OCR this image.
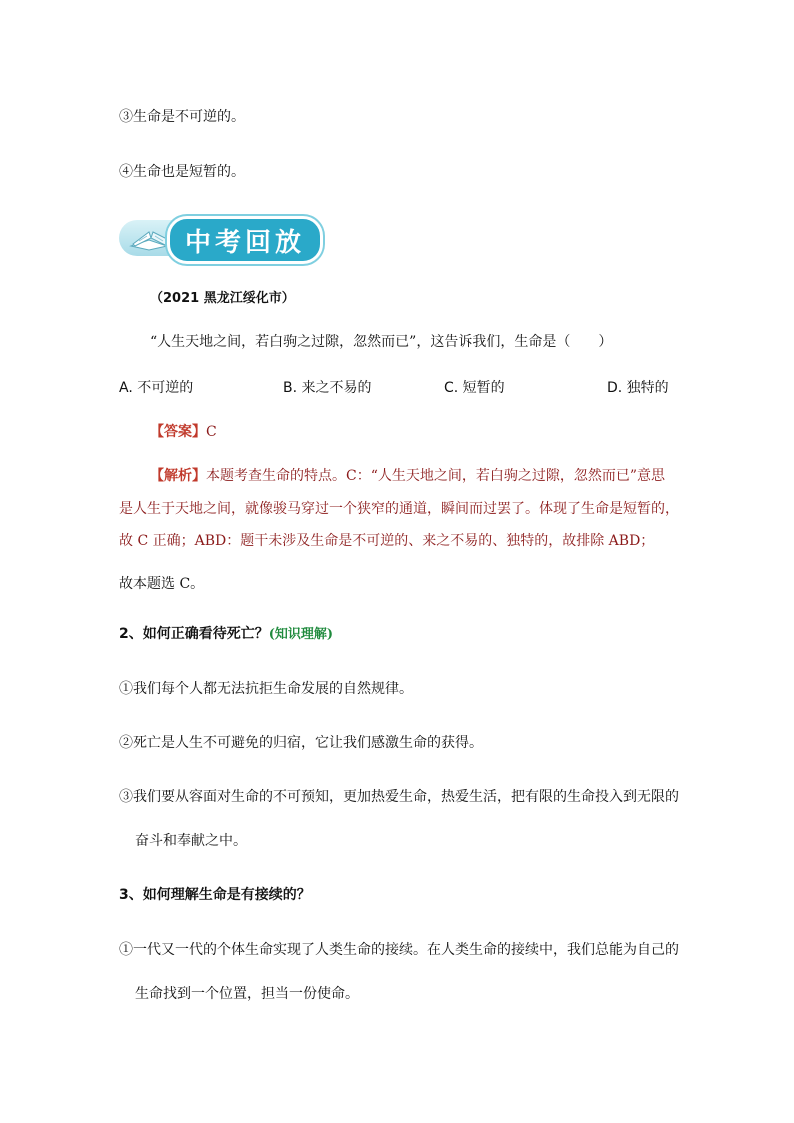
③生命是不可逆的。
④生命也是短暂的。
中考回放
（2021 黑龙江绥化市）
“人生天地之间，若白驹之过隙，忽然而已”，这告诉我们，生命是（　　）
A. 不可逆的	B. 来之不易的	C. 短暂的	D. 独特的
【答案】C
【解析】本题考查生命的特点。C：“人生天地之间，若白驹之过隙，忽然而已”意思
是人生于天地之间，就像骏马穿过一个狭窄的通道，瞬间而过罢了。体现了生命是短暂的，
故 C 正确；ABD：题干未涉及生命是不可逆的、来之不易的、独特的，故排除 ABD；
故本题选 C。
2、如何正确看待死亡？(知识理解)
①我们每个人都无法抗拒生命发展的自然规律。
②死亡是人生不可避免的归宿，它让我们感激生命的获得。
③我们要从容面对生命的不可预知，更加热爱生命，热爱生活，把有限的生命投入到无限的
奋斗和奉献之中。
3、如何理解生命是有接续的？
①一代又一代的个体生命实现了人类生命的接续。在人类生命的接续中，我们总能为自己的
生命找到一个位置，担当一份使命。
